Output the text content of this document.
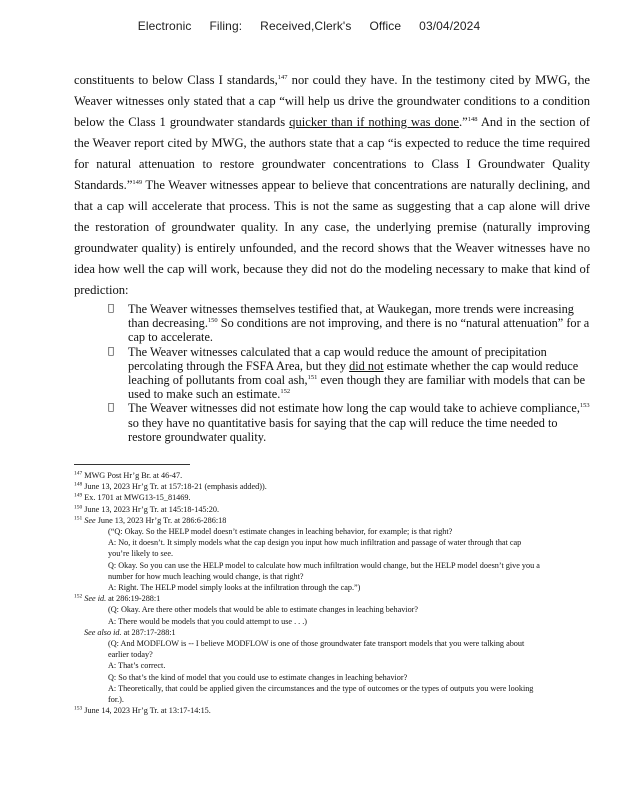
Electronic Filing: Received,Clerk's Office 03/04/2024

constituents to below Class I standards,$^{147}$ nor could they have. In the testimony cited by MWG, the Weaver witnesses only stated that a cap “will help us drive the groundwater conditions to a condition below the Class 1 groundwater standards quicker than if nothing was done.”$^{148}$ And in the section of the Weaver report cited by MWG, the authors state that a cap “is expected to reduce the time required for natural attenuation to restore groundwater concentrations to Class I Groundwater Quality Standards.”$^{149}$ The Weaver witnesses appear to believe that concentrations are naturally declining, and that a cap will accelerate that process. This is not the same as suggesting that a cap alone will drive the restoration of groundwater quality. In any case, the underlying premise (naturally improving groundwater quality) is entirely unfounded, and the record shows that the Weaver witnesses have no idea how well the cap will work, because they did not do the modeling necessary to make that kind of prediction:

The Weaver witnesses themselves testified that, at Waukegan, more trends were increasing than decreasing.$^{150}$ So conditions are not improving, and there is no “natural attenuation” for a cap to accelerate.
The Weaver witnesses calculated that a cap would reduce the amount of precipitation percolating through the FSFA Area, but they did not estimate whether the cap would reduce leaching of pollutants from coal ash,$^{151}$ even though they are familiar with models that can be used to make such an estimate.$^{152}$
The Weaver witnesses did not estimate how long the cap would take to achieve compliance,$^{153}$ so they have no quantitative basis for saying that the cap will reduce the time needed to restore groundwater quality.

$^{147}$ MWG Post Hr’g Br. at 46-47.

$^{148}$ June 13, 2023 Hr’g Tr. at 157:18-21 (emphasis added)).

$^{149}$ Ex. 1701 at MWG13-15_81469.

$^{150}$ June 13, 2023 Hr’g Tr. at 145:18-145:20.

$^{151}$ See June 13, 2023 Hr’g Tr. at 286:6-286:18

(“Q: Okay. So the HELP model doesn’t estimate changes in leaching behavior, for example; is that right?

A: No, it doesn’t. It simply models what the cap design you input how much infiltration and passage of water through that cap you’re likely to see.

Q: Okay. So you can use the HELP model to calculate how much infiltration would change, but the HELP model doesn’t give you a number for how much leaching would change, is that right?

A: Right. The HELP model simply looks at the infiltration through the cap.”)

$^{152}$ See id. at 286:19-288:1

(Q: Okay. Are there other models that would be able to estimate changes in leaching behavior?

A: There would be models that you could attempt to use . . .)

See also id. at 287:17-288:1

(Q: And MODFLOW is -- I believe MODFLOW is one of those groundwater fate transport models that you were talking about earlier today?

A: That’s correct.

Q: So that’s the kind of model that you could use to estimate changes in leaching behavior?

A: Theoretically, that could be applied given the circumstances and the type of outcomes or the types of outputs you were looking for.).

$^{153}$ June 14, 2023 Hr’g Tr. at 13:17-14:15.
